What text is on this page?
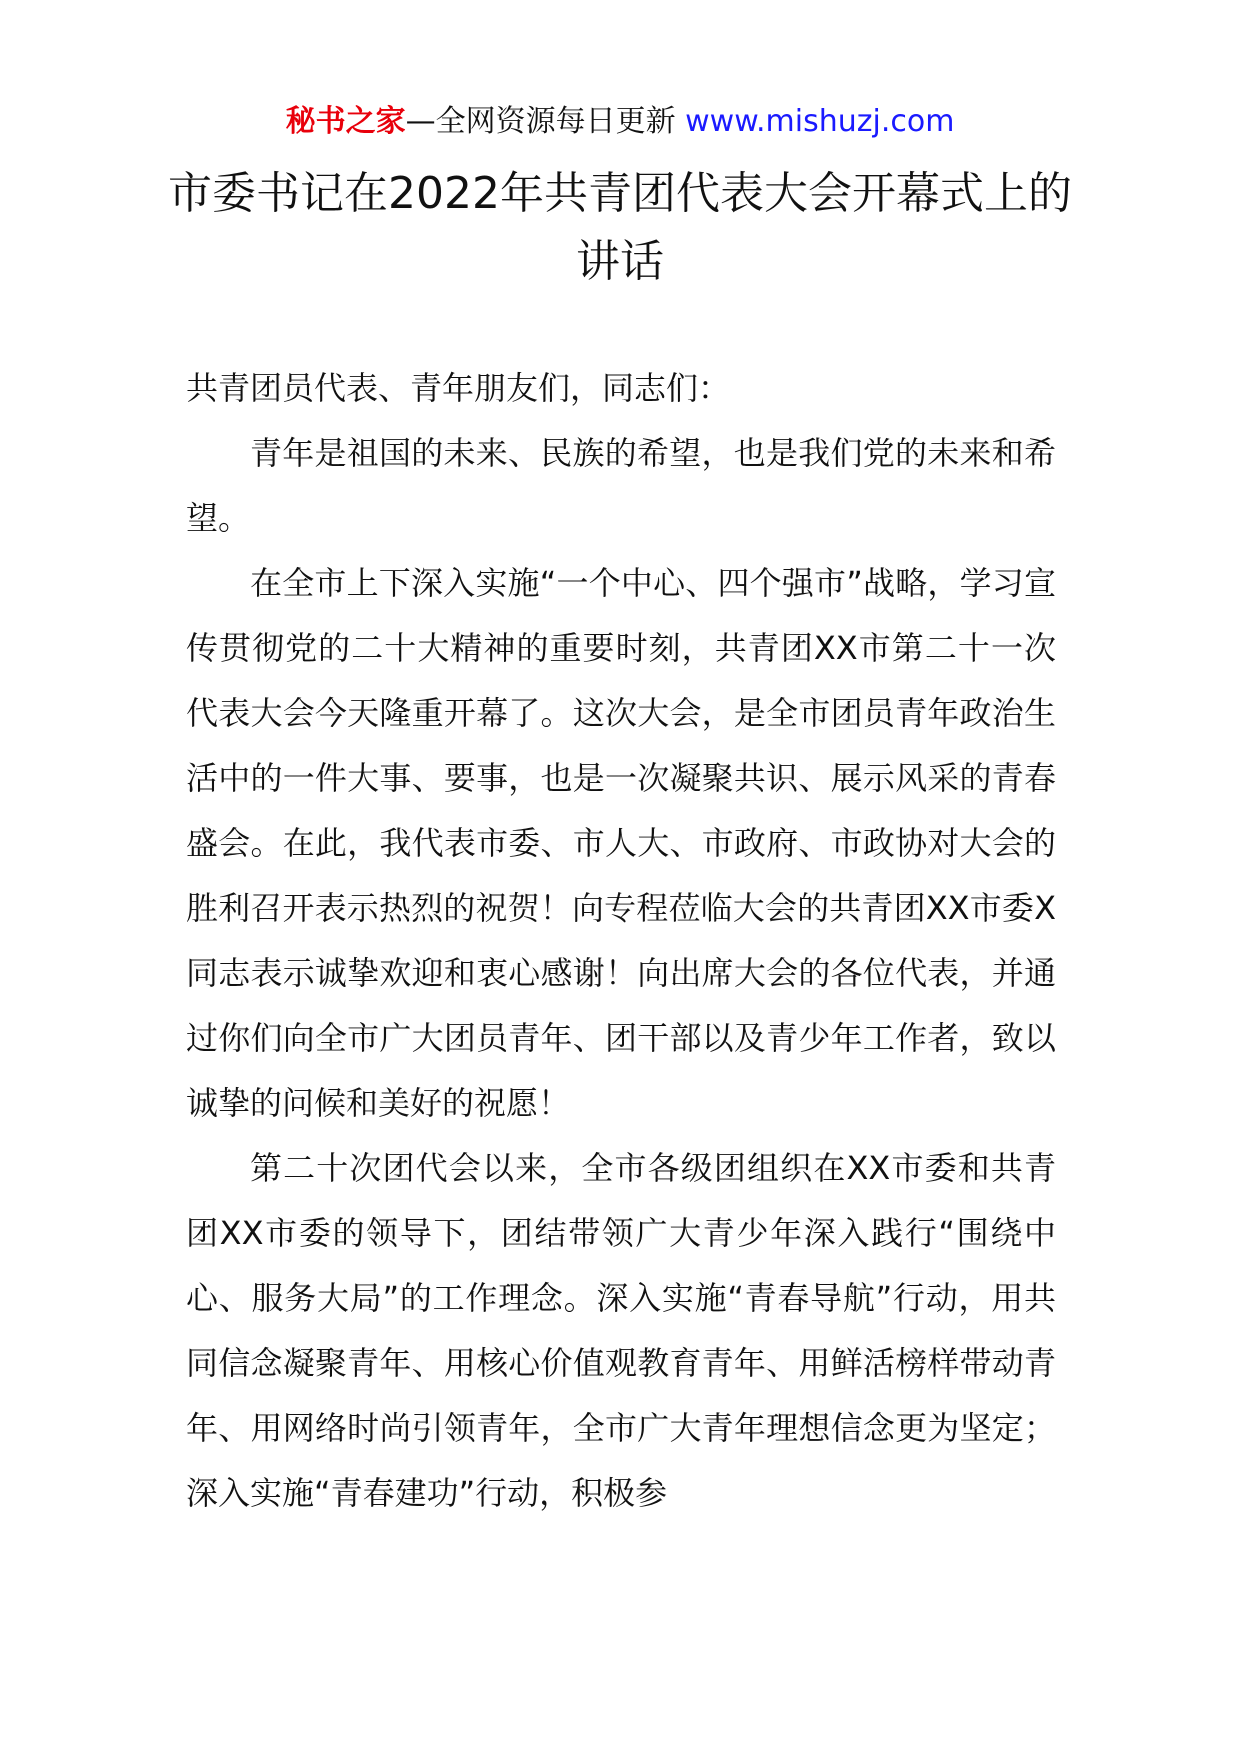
秘书之家—全网资源每日更新 www.mishuzj.com
市委书记在2022年共青团代表大会开幕式上的讲话

共青团员代表、青年朋友们，同志们：

青年是祖国的未来、民族的希望，也是我们党的未来和希望。

在全市上下深入实施“一个中心、四个强市”战略，学习宣传贯彻党的二十大精神的重要时刻，共青团XX市第二十一次代表大会今天隆重开幕了。这次大会，是全市团员青年政治生活中的一件大事、要事，也是一次凝聚共识、展示风采的青春盛会。在此，我代表市委、市人大、市政府、市政协对大会的胜利召开表示热烈的祝贺！向专程莅临大会的共青团XX市委X同志表示诚挚欢迎和衷心感谢！向出席大会的各位代表，并通过你们向全市广大团员青年、团干部以及青少年工作者，致以诚挚的问候和美好的祝愿！

第二十次团代会以来，全市各级团组织在XX市委和共青团XX市委的领导下，团结带领广大青少年深入践行“围绕中心、服务大局”的工作理念。深入实施“青春导航”行动，用共同信念凝聚青年、用核心价值观教育青年、用鲜活榜样带动青年、用网络时尚引领青年，全市广大青年理想信念更为坚定；深入实施“青春建功”行动，积极参
